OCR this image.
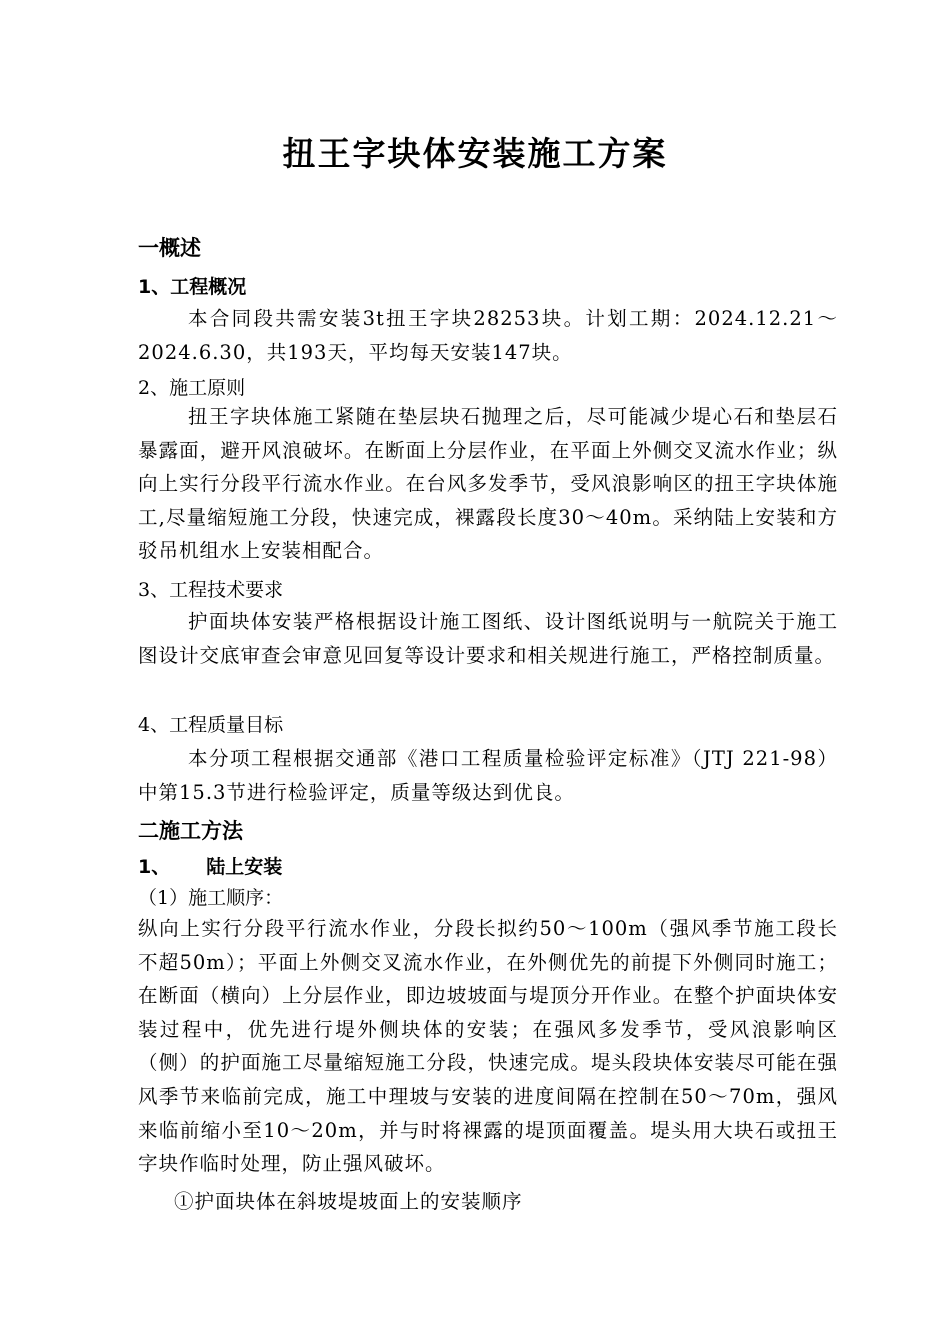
扭王字块体安装施工方案
一概述
1、工程概况

本合同段共需安装3t扭王字块28253块。计划工期：2024.12.21～2024.6.30，共193天，平均每天安装147块。

2、施工原则

扭王字块体施工紧随在垫层块石抛理之后，尽可能减少堤心石和垫层石暴露面，避开风浪破坏。在断面上分层作业，在平面上外侧交叉流水作业；纵向上实行分段平行流水作业。在台风多发季节，受风浪影响区的扭王字块体施工,尽量缩短施工分段，快速完成，裸露段长度30～40m。采纳陆上安装和方驳吊机组水上安装相配合。

3、工程技术要求

护面块体安装严格根据设计施工图纸、设计图纸说明与一航院关于施工图设计交底审查会审意见回复等设计要求和相关规进行施工，严格控制质量。

4、工程质量目标

本分项工程根据交通部《港口工程质量检验评定标准》（JTJ 221-98）中第15.3节进行检验评定，质量等级达到优良。

二施工方法
1、 陆上安装
（1）施工顺序：

纵向上实行分段平行流水作业，分段长拟约50～100m（强风季节施工段长不超50m）；平面上外侧交叉流水作业，在外侧优先的前提下外侧同时施工；在断面（横向）上分层作业，即边坡坡面与堤顶分开作业。在整个护面块体安装过程中，优先进行堤外侧块体的安装；在强风多发季节，受风浪影响区（侧）的护面施工尽量缩短施工分段，快速完成。堤头段块体安装尽可能在强风季节来临前完成，施工中理坡与安装的进度间隔在控制在50～70m，强风来临前缩小至10～20m，并与时将裸露的堤顶面覆盖。堤头用大块石或扭王字块作临时处理，防止强风破坏。

①护面块体在斜坡堤坡面上的安装顺序
